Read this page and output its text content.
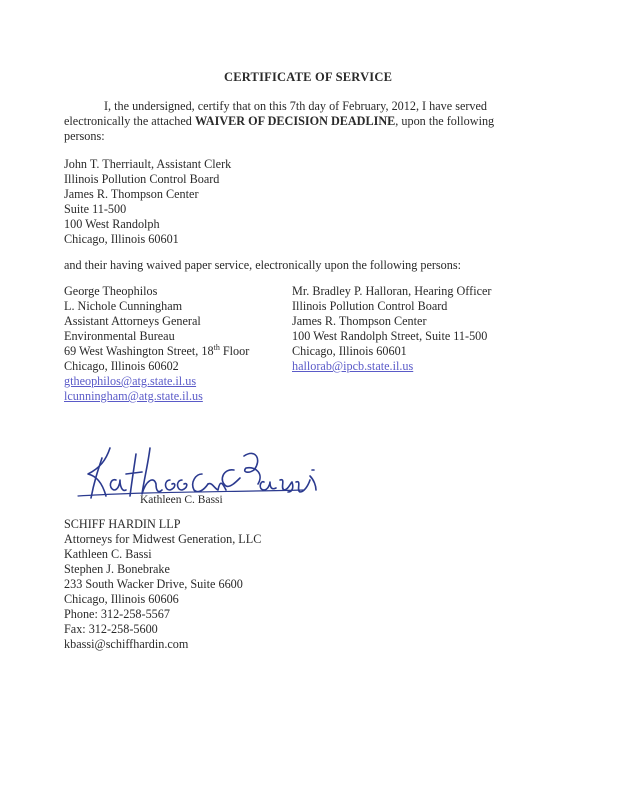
CERTIFICATE OF SERVICE
I, the undersigned, certify that on this 7th day of February, 2012, I have served
electronically the attached WAIVER OF DECISION DEADLINE, upon the following
persons:
John T. Therriault, Assistant Clerk
Illinois Pollution Control Board
James R. Thompson Center
Suite 11-500
100 West Randolph
Chicago, Illinois 60601
and their having waived paper service, electronically upon the following persons:
George Theophilos
L. Nichole Cunningham
Assistant Attorneys General
Environmental Bureau
69 West Washington Street, 18th Floor
Chicago, Illinois 60602
gtheophilos@atg.state.il.us
lcunningham@atg.state.il.us
Mr. Bradley P. Halloran, Hearing Officer
Illinois Pollution Control Board
James R. Thompson Center
100 West Randolph Street, Suite 11-500
Chicago, Illinois 60601
hallorab@ipcb.state.il.us
Kathleen C. Bassi
SCHIFF HARDIN LLP
Attorneys for Midwest Generation, LLC
Kathleen C. Bassi
Stephen J. Bonebrake
233 South Wacker Drive, Suite 6600
Chicago, Illinois 60606
Phone: 312-258-5567
Fax: 312-258-5600
kbassi@schiffhardin.com
